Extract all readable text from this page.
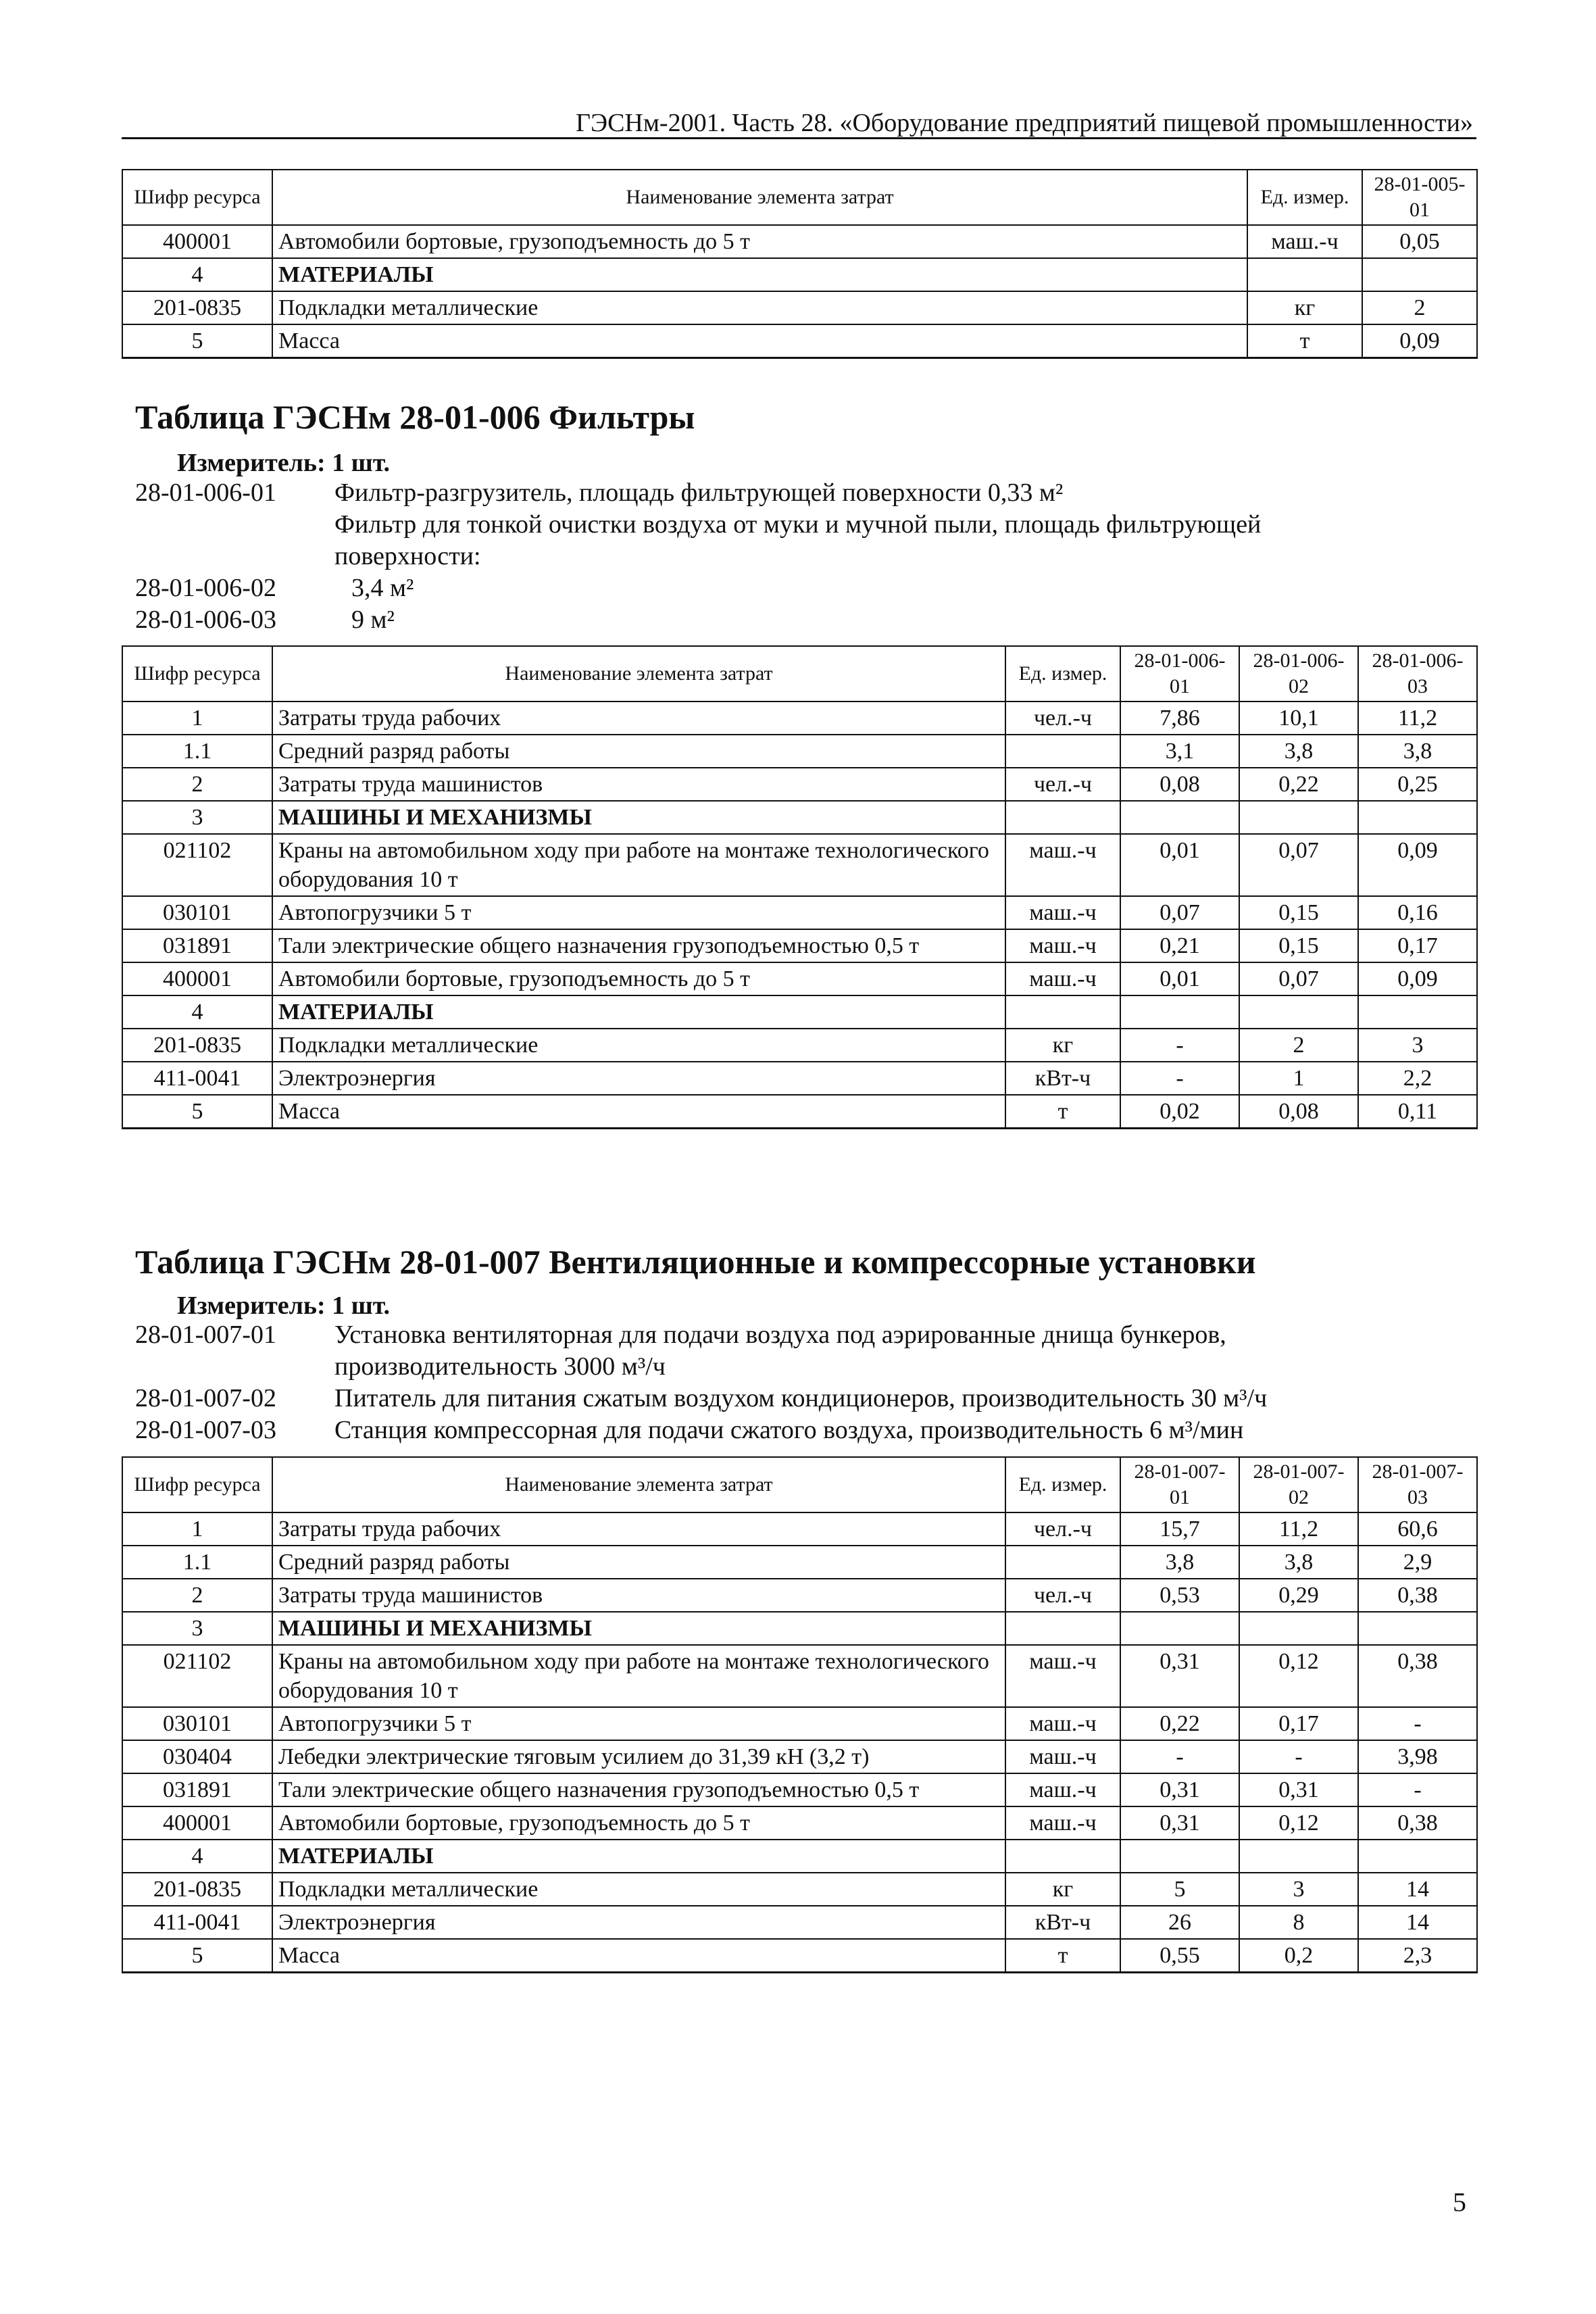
ГЭСНм-2001. Часть 28. «Оборудование предприятий пищевой промышленности»
Шифр ресурса	Наименование элемента затрат	Ед. измер.	28-01-005-01
400001	Автомобили бортовые, грузоподъемность до 5 т	маш.-ч	0,05
4	МАТЕРИАЛЫ		
201-0835	Подкладки металлические	кг	2
5	Масса	т	0,09
Таблица ГЭСНм 28-01-006 Фильтры
Измеритель: 1 шт.
28-01-006-01 Фильтр-разгрузитель, площадь фильтрующей поверхности 0,33 м²
Фильтр для тонкой очистки воздуха от муки и мучной пыли, площадь фильтрующей
поверхности:
28-01-006-02	3,4 м²
28-01-006-03	9 м²
Шифр ресурса	Наименование элемента затрат	Ед. измер.	28-01-006-01	28-01-006-02	28-01-006-03
1	Затраты труда рабочих	чел.-ч	7,86	10,1	11,2
1.1	Средний разряд работы		3,1	3,8	3,8
2	Затраты труда машинистов	чел.-ч	0,08	0,22	0,25
3	МАШИНЫ И МЕХАНИЗМЫ				
021102	Краны на автомобильном ходу при работе на монтаже технологического оборудования 10 т	маш.-ч	0,01	0,07	0,09
030101	Автопогрузчики 5 т	маш.-ч	0,07	0,15	0,16
031891	Тали электрические общего назначения грузоподъемностью 0,5 т	маш.-ч	0,21	0,15	0,17
400001	Автомобили бортовые, грузоподъемность до 5 т	маш.-ч	0,01	0,07	0,09
4	МАТЕРИАЛЫ				
201-0835	Подкладки металлические	кг	-	2	3
411-0041	Электроэнергия	кВт-ч	-	1	2,2
5	Масса	т	0,02	0,08	0,11
Таблица ГЭСНм 28-01-007 Вентиляционные и компрессорные установки
Измеритель: 1 шт.
28-01-007-01 Установка вентиляторная для подачи воздуха под аэрированные днища бункеров,
производительность 3000 м³/ч
28-01-007-02 Питатель для питания сжатым воздухом кондиционеров, производительность 30 м³/ч
28-01-007-03 Станция компрессорная для подачи сжатого воздуха, производительность 6 м³/мин
Шифр ресурса	Наименование элемента затрат	Ед. измер.	28-01-007-01	28-01-007-02	28-01-007-03
1	Затраты труда рабочих	чел.-ч	15,7	11,2	60,6
1.1	Средний разряд работы		3,8	3,8	2,9
2	Затраты труда машинистов	чел.-ч	0,53	0,29	0,38
3	МАШИНЫ И МЕХАНИЗМЫ				
021102	Краны на автомобильном ходу при работе на монтаже технологического оборудования 10 т	маш.-ч	0,31	0,12	0,38
030101	Автопогрузчики 5 т	маш.-ч	0,22	0,17	-
030404	Лебедки электрические тяговым усилием до 31,39 кН (3,2 т)	маш.-ч	-	-	3,98
031891	Тали электрические общего назначения грузоподъемностью 0,5 т	маш.-ч	0,31	0,31	-
400001	Автомобили бортовые, грузоподъемность до 5 т	маш.-ч	0,31	0,12	0,38
4	МАТЕРИАЛЫ				
201-0835	Подкладки металлические	кг	5	3	14
411-0041	Электроэнергия	кВт-ч	26	8	14
5	Масса	т	0,55	0,2	2,3
5
